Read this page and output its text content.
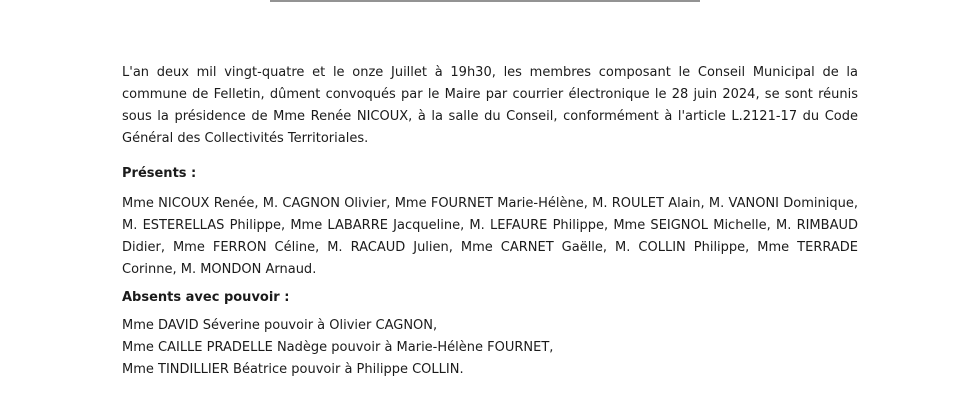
L'an deux mil vingt-quatre et le onze Juillet à 19h30, les membres composant le Conseil Municipal de la commune de Felletin, dûment convoqués par le Maire par courrier électronique le 28 juin 2024, se sont réunis sous la présidence de Mme Renée NICOUX, à la salle du Conseil, conformément à l'article L.2121-17 du Code Général des Collectivités Territoriales.

Présents :

Mme NICOUX Renée, M. CAGNON Olivier, Mme FOURNET Marie-Hélène, M. ROULET Alain, M. VANONI Dominique, M. ESTERELLAS Philippe, Mme LABARRE Jacqueline, M. LEFAURE Philippe, Mme SEIGNOL Michelle, M. RIMBAUD Didier, Mme FERRON Céline, M. RACAUD Julien, Mme CARNET Gaëlle, M. COLLIN Philippe, Mme TERRADE Corinne, M. MONDON Arnaud.

Absents avec pouvoir :

Mme DAVID Séverine pouvoir à Olivier CAGNON,
Mme CAILLE PRADELLE Nadège pouvoir à Marie-Hélène FOURNET,
Mme TINDILLIER Béatrice pouvoir à Philippe COLLIN.
